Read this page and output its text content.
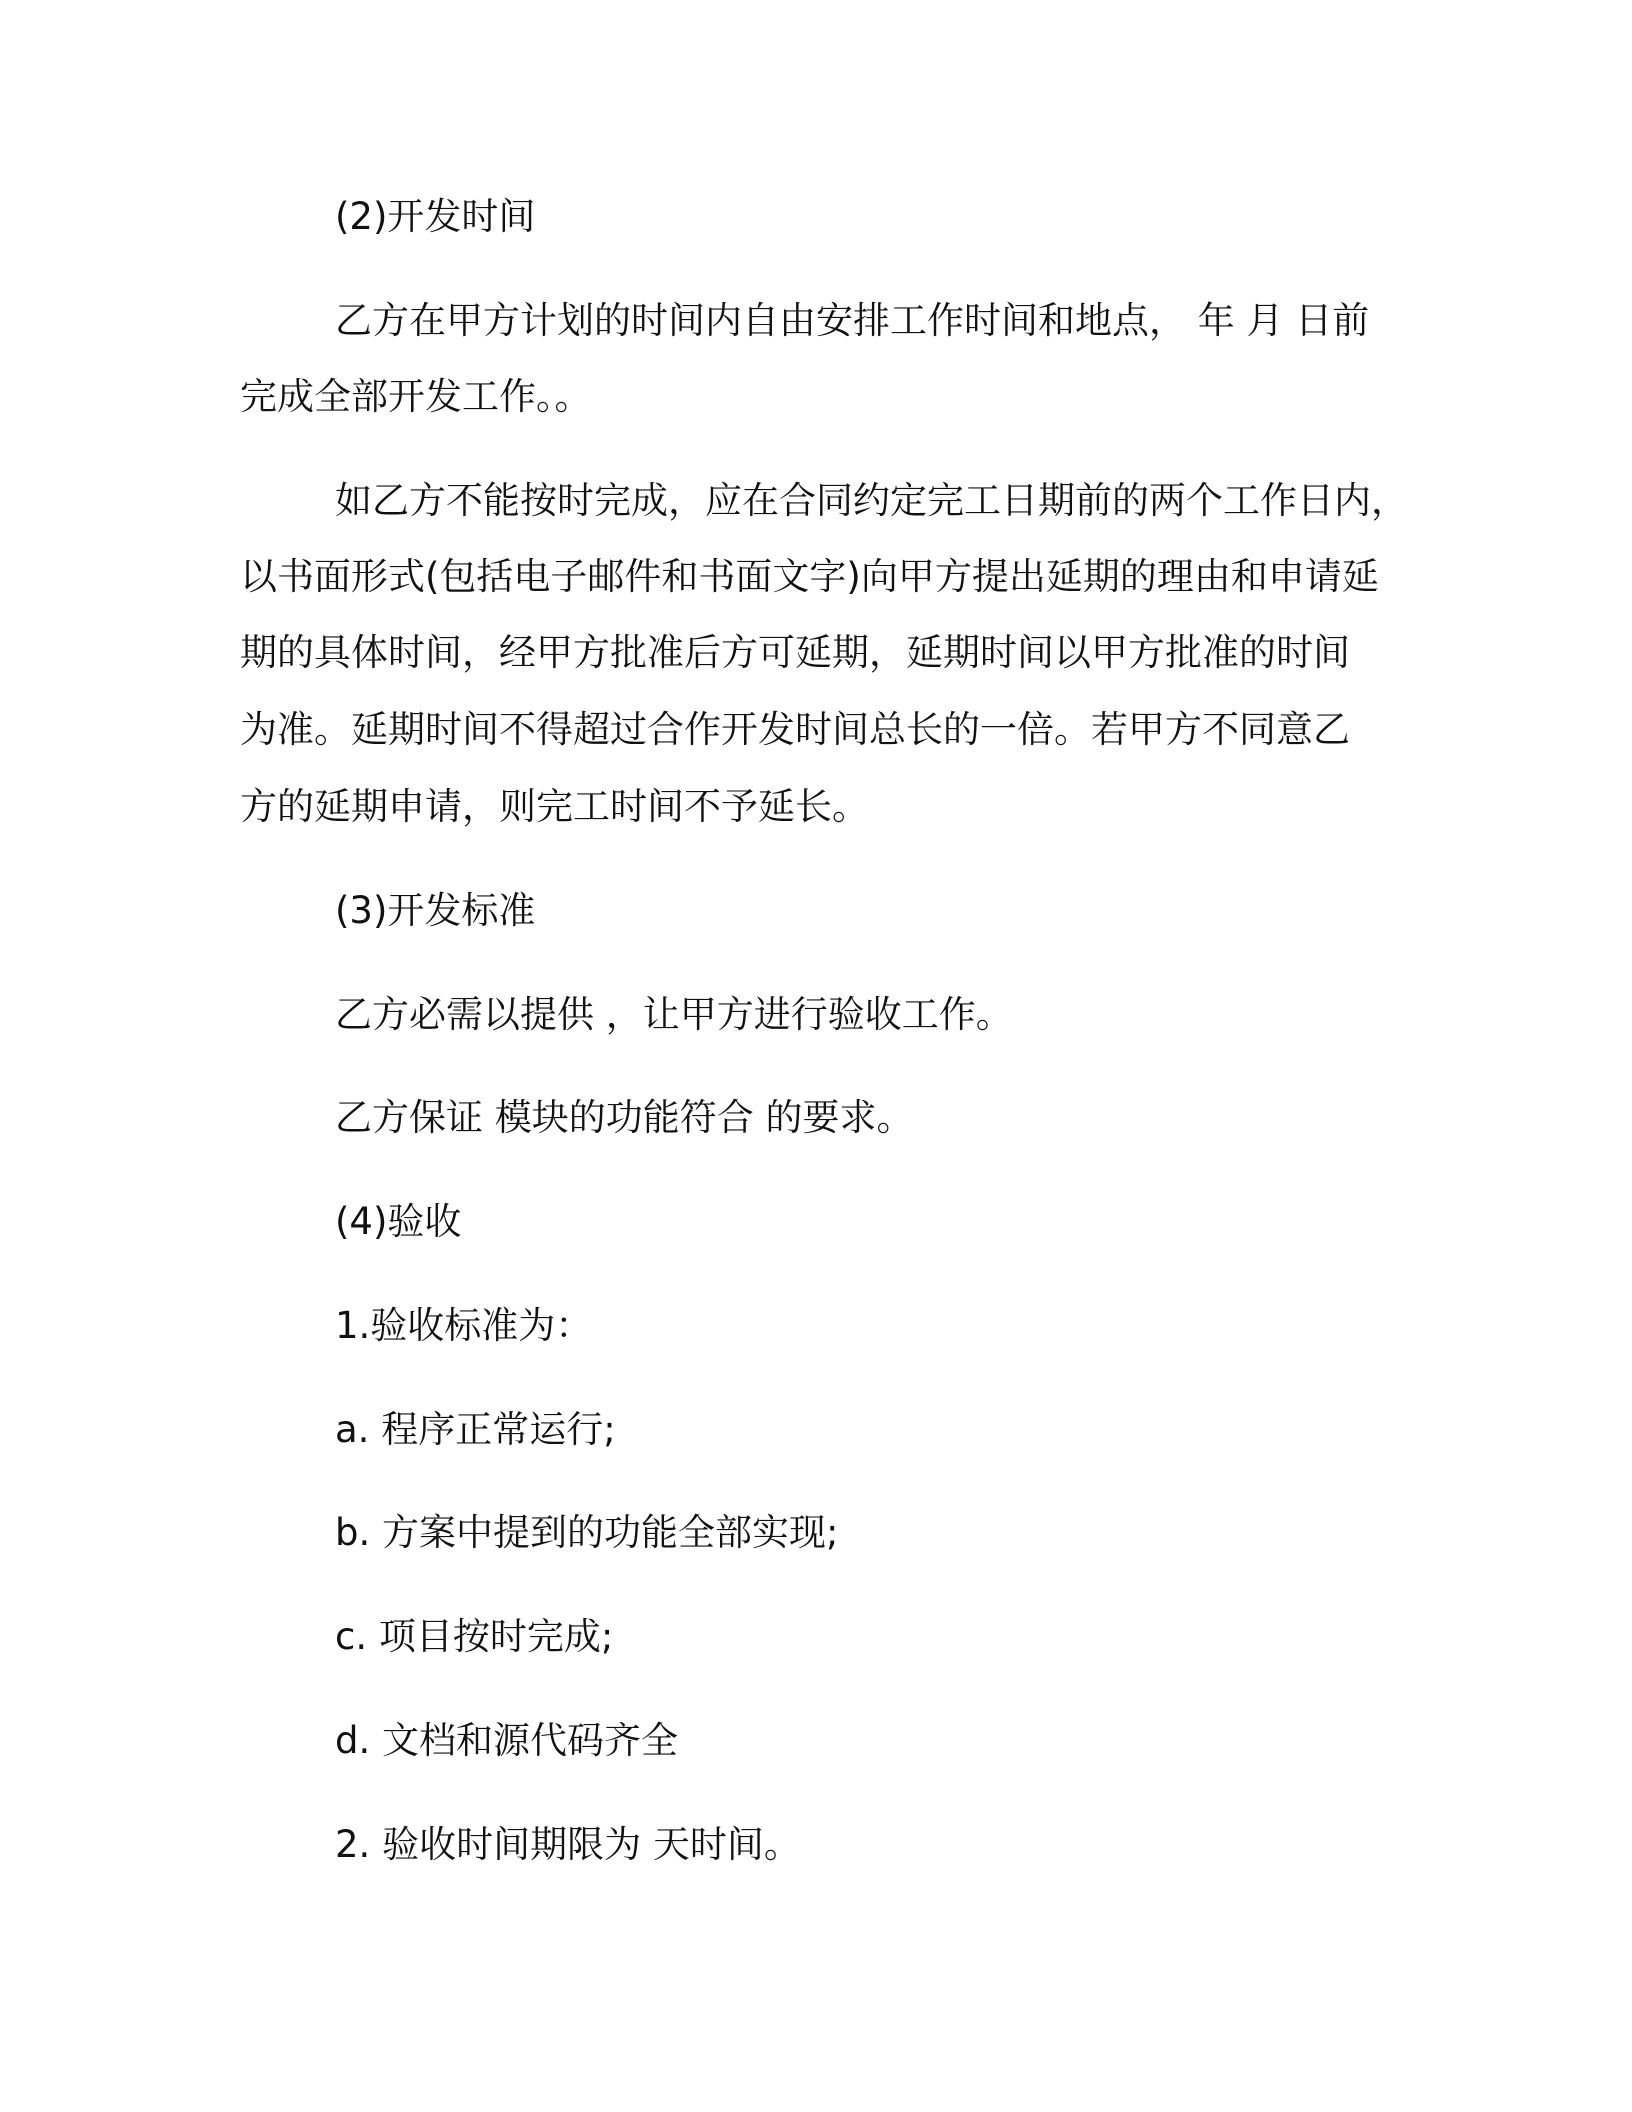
(2)开发时间
乙方在甲方计划的时间内自由安排工作时间和地点， 年 月 日前
完成全部开发工作。。
如乙方不能按时完成，应在合同约定完工日期前的两个工作日内，
以书面形式(包括电子邮件和书面文字)向甲方提出延期的理由和申请延
期的具体时间，经甲方批准后方可延期，延期时间以甲方批准的时间
为准。延期时间不得超过合作开发时间总长的一倍。若甲方不同意乙
方的延期申请，则完工时间不予延长。
(3)开发标准
乙方必需以提供 ，让甲方进行验收工作。
乙方保证 模块的功能符合 的要求。
(4)验收
1.验收标准为：
a. 程序正常运行;
b. 方案中提到的功能全部实现;
c. 项目按时完成;
d. 文档和源代码齐全
2. 验收时间期限为 天时间。
